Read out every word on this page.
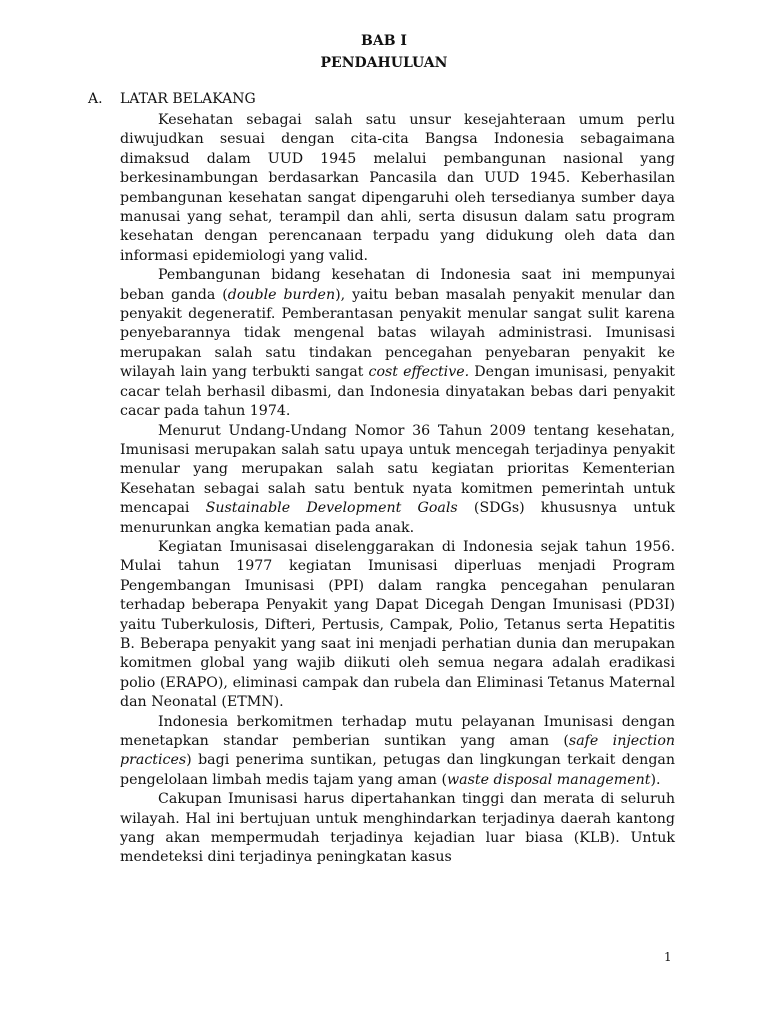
BAB I
PENDAHULUAN
A. LATAR BELAKANG

Kesehatan sebagai salah satu unsur kesejahteraan umum perlu diwujudkan sesuai dengan cita-cita Bangsa Indonesia sebagaimana dimaksud dalam UUD 1945 melalui pembangunan nasional yang berkesinambungan berdasarkan Pancasila dan UUD 1945. Keberhasilan pembangunan kesehatan sangat dipengaruhi oleh tersedianya sumber daya manusai yang sehat, terampil dan ahli, serta disusun dalam satu program kesehatan dengan perencanaan terpadu yang didukung oleh data dan informasi epidemiologi yang valid.

Pembangunan bidang kesehatan di Indonesia saat ini mempunyai beban ganda (double burden), yaitu beban masalah penyakit menular dan penyakit degeneratif. Pemberantasan penyakit menular sangat sulit karena penyebarannya tidak mengenal batas wilayah administrasi. Imunisasi merupakan salah satu tindakan pencegahan penyebaran penyakit ke wilayah lain yang terbukti sangat cost effective. Dengan imunisasi, penyakit cacar telah berhasil dibasmi, dan Indonesia dinyatakan bebas dari penyakit cacar pada tahun 1974.

Menurut Undang-Undang Nomor 36 Tahun 2009 tentang kesehatan, Imunisasi merupakan salah satu upaya untuk mencegah terjadinya penyakit menular yang merupakan salah satu kegiatan prioritas Kementerian Kesehatan sebagai salah satu bentuk nyata komitmen pemerintah untuk mencapai Sustainable Development Goals (SDGs) khususnya untuk menurunkan angka kematian pada anak.

Kegiatan Imunisasai diselenggarakan di Indonesia sejak tahun 1956. Mulai tahun 1977 kegiatan Imunisasi diperluas menjadi Program Pengembangan Imunisasi (PPI) dalam rangka pencegahan penularan terhadap beberapa Penyakit yang Dapat Dicegah Dengan Imunisasi (PD3I) yaitu Tuberkulosis, Difteri, Pertusis, Campak, Polio, Tetanus serta Hepatitis B. Beberapa penyakit yang saat ini menjadi perhatian dunia dan merupakan komitmen global yang wajib diikuti oleh semua negara adalah eradikasi polio (ERAPO), eliminasi campak dan rubela dan Eliminasi Tetanus Maternal dan Neonatal (ETMN).

Indonesia berkomitmen terhadap mutu pelayanan Imunisasi dengan menetapkan standar pemberian suntikan yang aman (safe injection practices) bagi penerima suntikan, petugas dan lingkungan terkait dengan pengelolaan limbah medis tajam yang aman (waste disposal management).

Cakupan Imunisasi harus dipertahankan tinggi dan merata di seluruh wilayah. Hal ini bertujuan untuk menghindarkan terjadinya daerah kantong yang akan mempermudah terjadinya kejadian luar biasa (KLB). Untuk mendeteksi dini terjadinya peningkatan kasus

1
